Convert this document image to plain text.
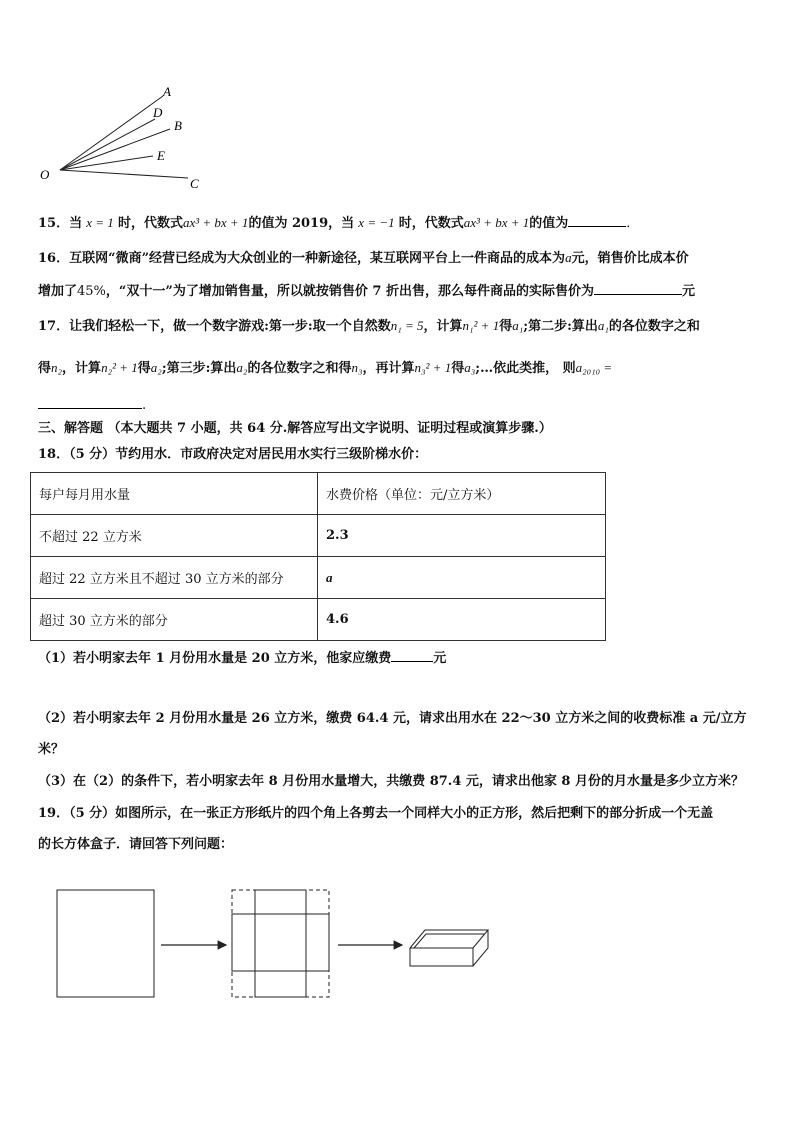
A
D
B
E
O
C
15．当 x = 1 时，代数式ax³ + bx + 1的值为 2019，当 x = −1 时，代数式ax³ + bx + 1的值为	．
16．互联网“微商”经营已经成为大众创业的一种新途径，某互联网平台上一件商品的成本为a元，销售价比成本价
增加了45%，“双十一”为了增加销售量，所以就按销售价 7 折出售，那么每件商品的实际售价为	元
17．让我们轻松一下，做一个数字游戏:第一步:取一个自然数n₁ = 5，计算n₁² + 1得a₁;第二步:算出a₁的各位数字之和
得n₂，计算n₂² + 1得a₂;第三步:算出a₂的各位数字之和得n₃，再计算n₃² + 1得a₃;…依此类推， 则a₂₀₁₀ =
.
三、解答题 （本大题共 7 小题，共 64 分.解答应写出文字说明、证明过程或演算步骤.）
18．（5 分）节约用水．市政府决定对居民用水实行三级阶梯水价：
每户每月用水量	水费价格（单位：元/立方米）
不超过 22 立方米	2.3
超过 22 立方米且不超过 30 立方米的部分	a
超过 30 立方米的部分	4.6
（1）若小明家去年 1 月份用水量是 20 立方米，他家应缴费	元
（2）若小明家去年 2 月份用水量是 26 立方米，缴费 64.4 元，请求出用水在 22～30 立方米之间的收费标准 a 元/立方
米？
（3）在（2）的条件下，若小明家去年 8 月份用水量增大，共缴费 87.4 元，请求出他家 8 月份的月水量是多少立方米？
19．（5 分）如图所示，在一张正方形纸片的四个角上各剪去一个同样大小的正方形，然后把剩下的部分折成一个无盖
的长方体盒子．请回答下列问题：
